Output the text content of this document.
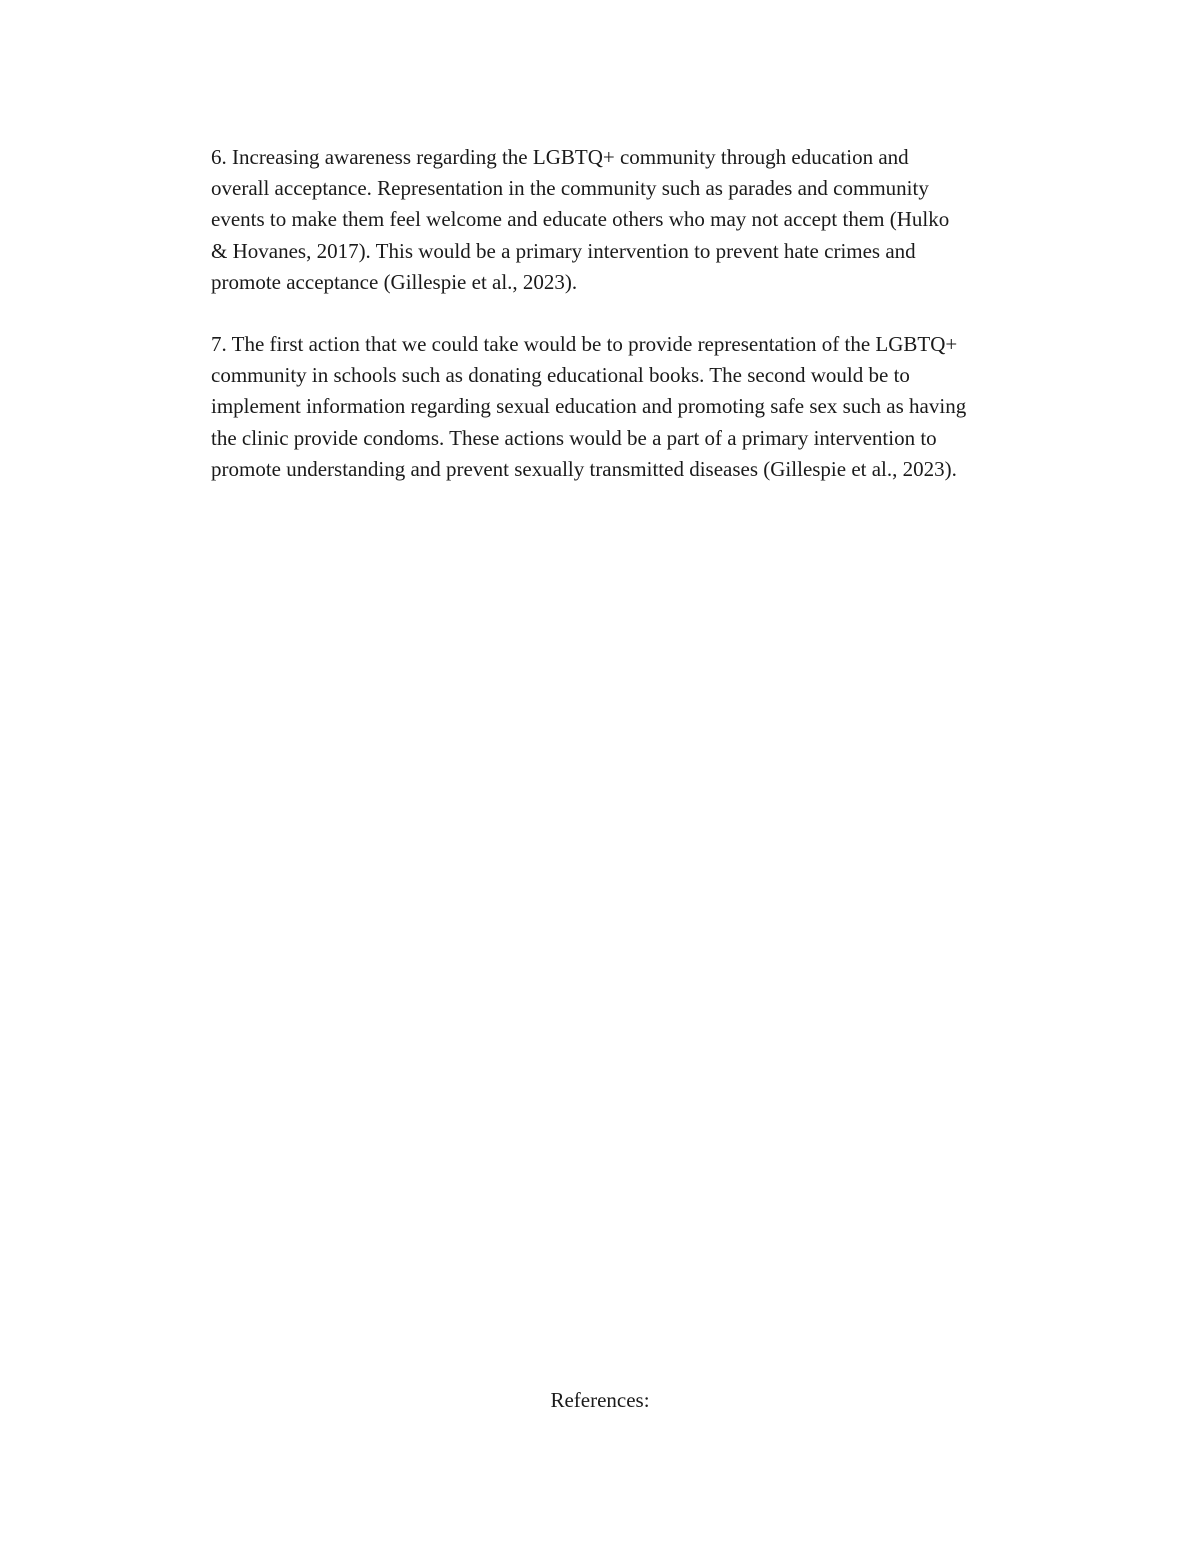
6. Increasing awareness regarding the LGBTQ+ community through education and
overall acceptance. Representation in the community such as parades and community
events to make them feel welcome and educate others who may not accept them (Hulko
& Hovanes, 2017). This would be a primary intervention to prevent hate crimes and
promote acceptance (Gillespie et al., 2023).

7. The first action that we could take would be to provide representation of the LGBTQ+
community in schools such as donating educational books. The second would be to
implement information regarding sexual education and promoting safe sex such as having
the clinic provide condoms. These actions would be a part of a primary intervention to
promote understanding and prevent sexually transmitted diseases (Gillespie et al., 2023).

References:
